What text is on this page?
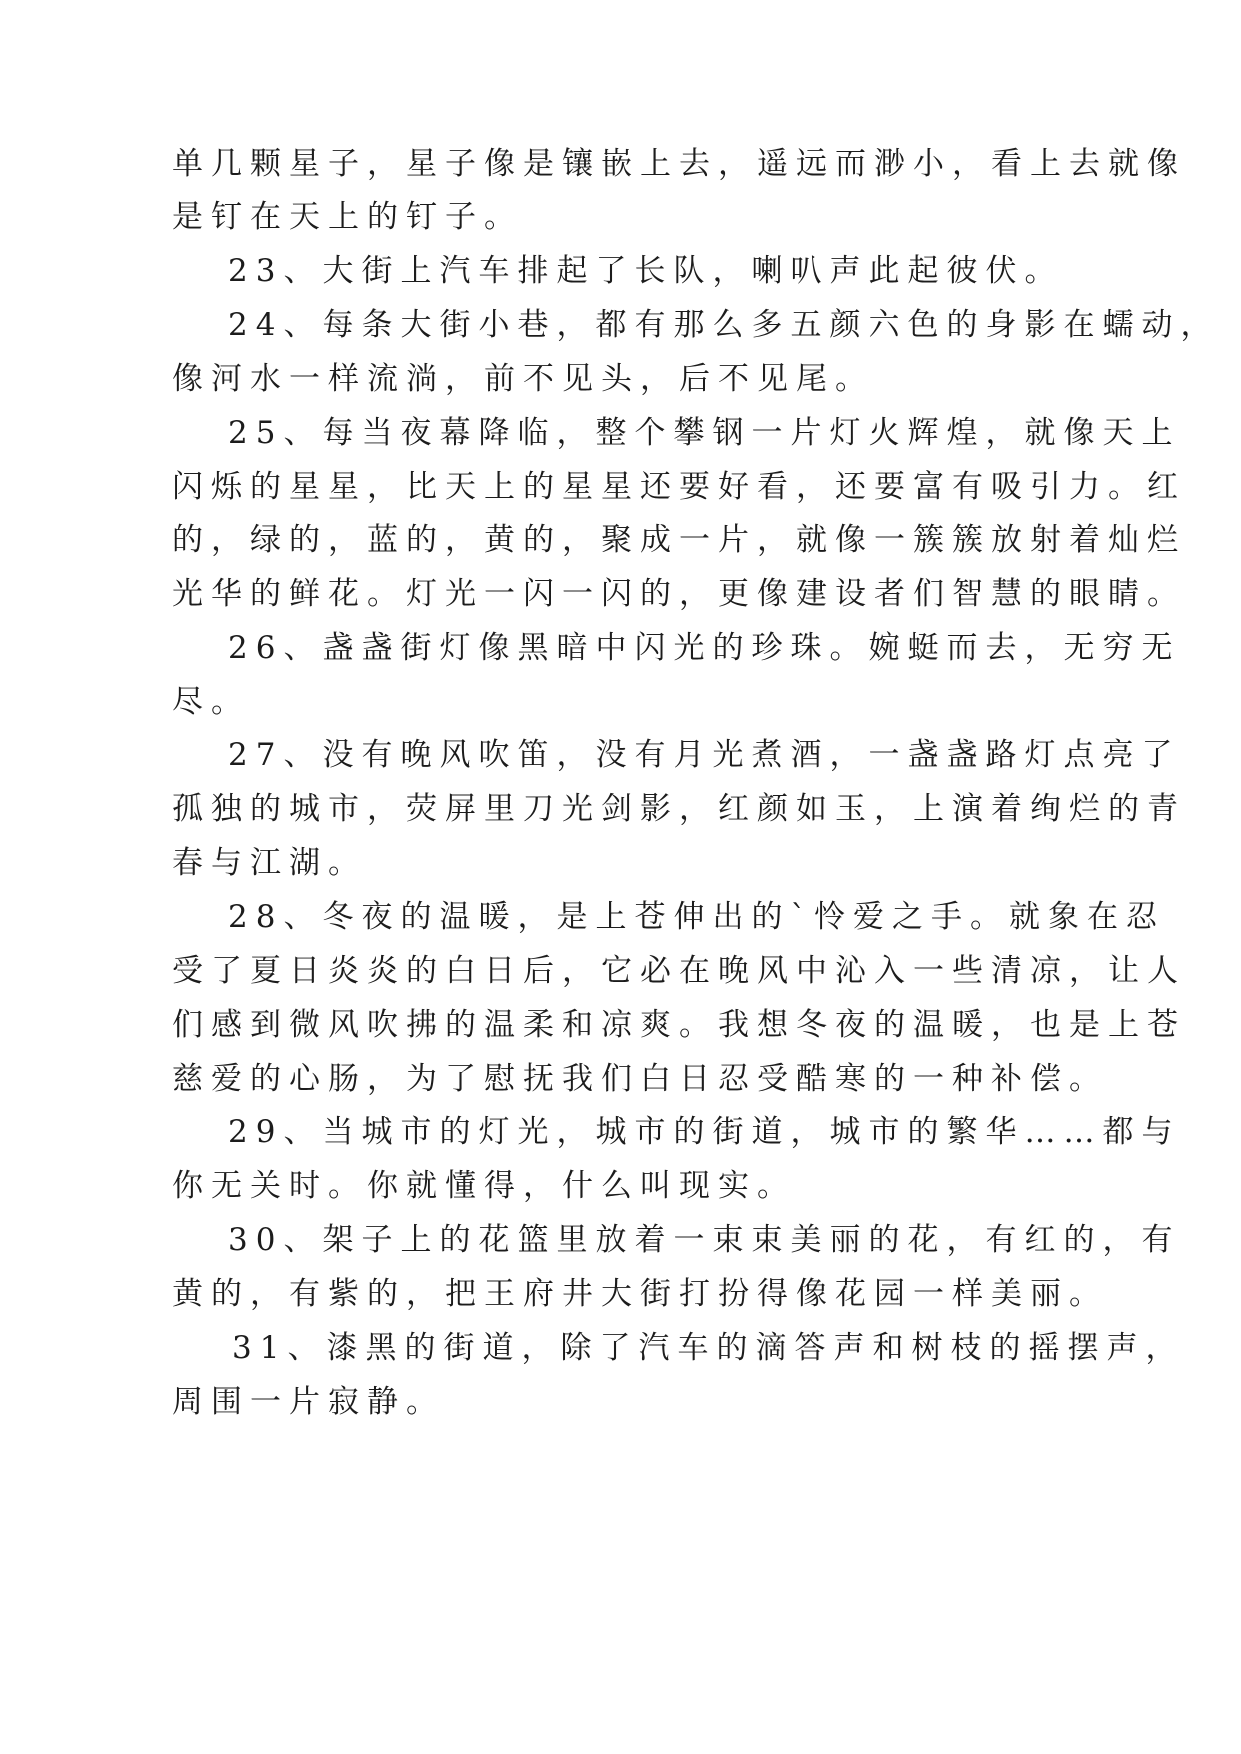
单几颗星子，星子像是镶嵌上去，遥远而渺小，看上去就像
是钉在天上的钉子。
23、大街上汽车排起了长队，喇叭声此起彼伏。
24、每条大街小巷，都有那么多五颜六色的身影在蠕动，
像河水一样流淌，前不见头，后不见尾。
25、每当夜幕降临，整个攀钢一片灯火辉煌，就像天上
闪烁的星星，比天上的星星还要好看，还要富有吸引力。红
的，绿的，蓝的，黄的，聚成一片，就像一簇簇放射着灿烂
光华的鲜花。灯光一闪一闪的，更像建设者们智慧的眼睛。
26、盏盏街灯像黑暗中闪光的珍珠。婉蜓而去，无穷无
尽。
27、没有晚风吹笛，没有月光煮酒，一盏盏路灯点亮了
孤独的城市，荧屏里刀光剑影，红颜如玉，上演着绚烂的青
春与江湖。
28、冬夜的温暖，是上苍伸出的`怜爱之手。就象在忍
受了夏日炎炎的白日后，它必在晚风中沁入一些清凉，让人
们感到微风吹拂的温柔和凉爽。我想冬夜的温暖，也是上苍
慈爱的心肠，为了慰抚我们白日忍受酷寒的一种补偿。
29、当城市的灯光，城市的街道，城市的繁华……都与
你无关时。你就懂得，什么叫现实。
30、架子上的花篮里放着一束束美丽的花，有红的，有
黄的，有紫的，把王府井大街打扮得像花园一样美丽。
31、漆黑的街道，除了汽车的滴答声和树枝的摇摆声，
周围一片寂静。
